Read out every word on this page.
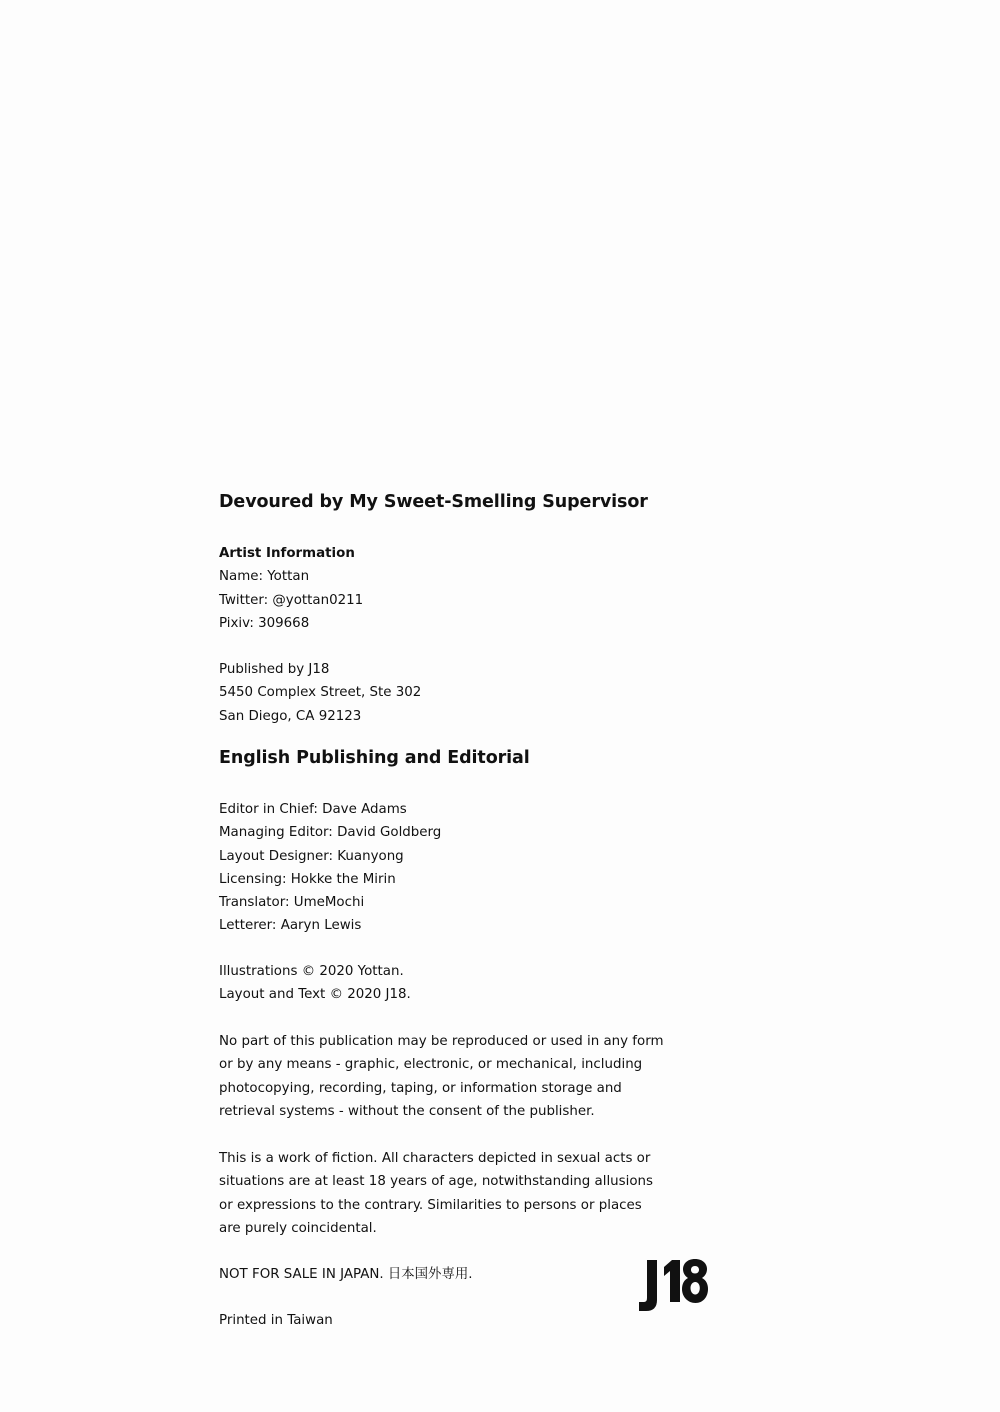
Devoured by My Sweet-Smelling Supervisor
Artist Information
Name: Yottan
Twitter: @yottan0211
Pixiv: 309668
Published by J18
5450 Complex Street, Ste 302
San Diego, CA 92123
English Publishing and Editorial
Editor in Chief: Dave Adams
Managing Editor: David Goldberg
Layout Designer: Kuanyong
Licensing: Hokke the Mirin
Translator: UmeMochi
Letterer: Aaryn Lewis
Illustrations © 2020 Yottan.
Layout and Text © 2020 J18.
No part of this publication may be reproduced or used in any form
or by any means - graphic, electronic, or mechanical, including
photocopying, recording, taping, or information storage and
retrieval systems - without the consent of the publisher.
This is a work of fiction. All characters depicted in sexual acts or
situations are at least 18 years of age, notwithstanding allusions
or expressions to the contrary. Similarities to persons or places
are purely coincidental.
NOT FOR SALE IN JAPAN. 日本国外専用.
Printed in Taiwan
